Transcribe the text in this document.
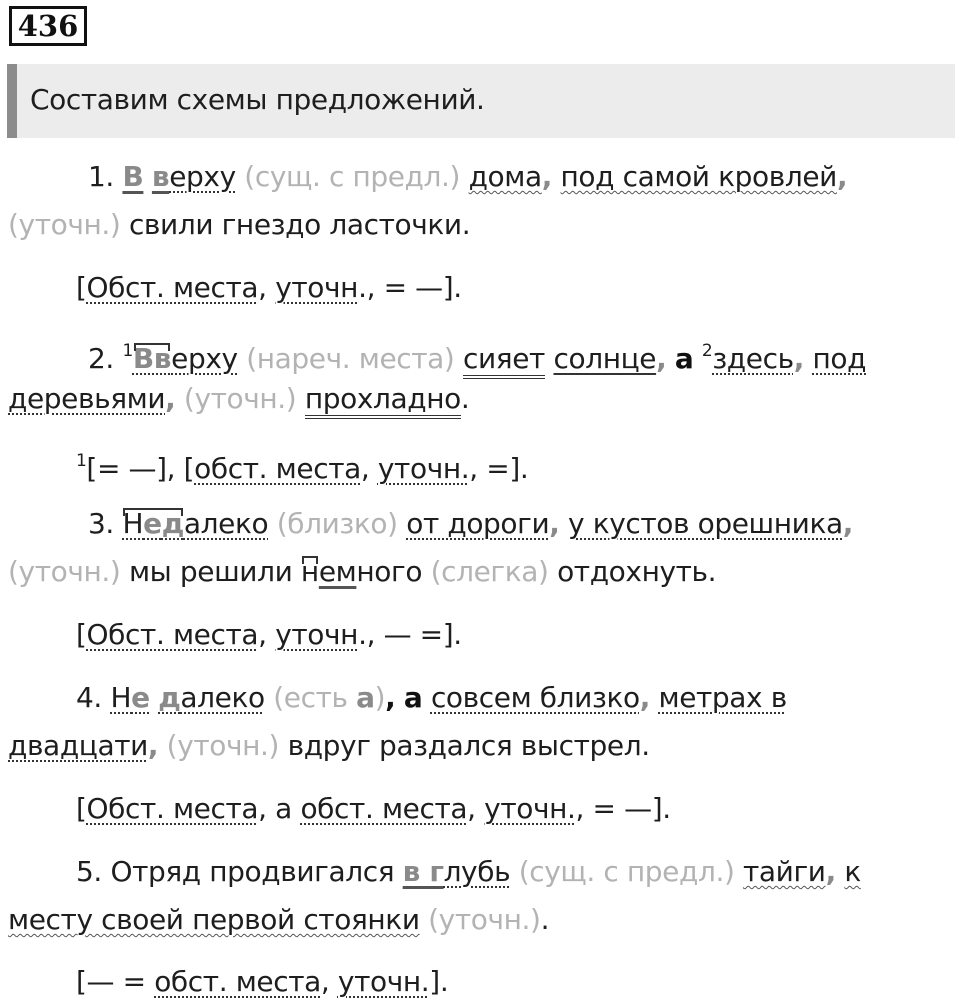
436
Составим схемы предложений.
1. В верху (сущ. с предл.) дома, под самой кровлей,
(уточн.) свили гнездо ласточки.
[Обст. места, уточн., = —].
2. $^1$Вверху (нареч. места) сияет солнце, а $^2$здесь, под
деревьями, (уточн.) прохладно.
$^1$[= —], [обст. места, уточн., =].
3. Недалеко (близко) от дороги, у кустов орешника,
(уточн.) мы решили немного (слегка) отдохнуть.
[Обст. места, уточн., — =].
4. Не далеко (есть а), а совсем близко, метрах в
двадцати, (уточн.) вдруг раздался выстрел.
[Обст. места, а обст. места, уточн., = —].
5. Отряд продвигался в глубь (сущ. с предл.) тайги, к
месту своей первой стоянки (уточн.).
[— = обст. места, уточн.].
